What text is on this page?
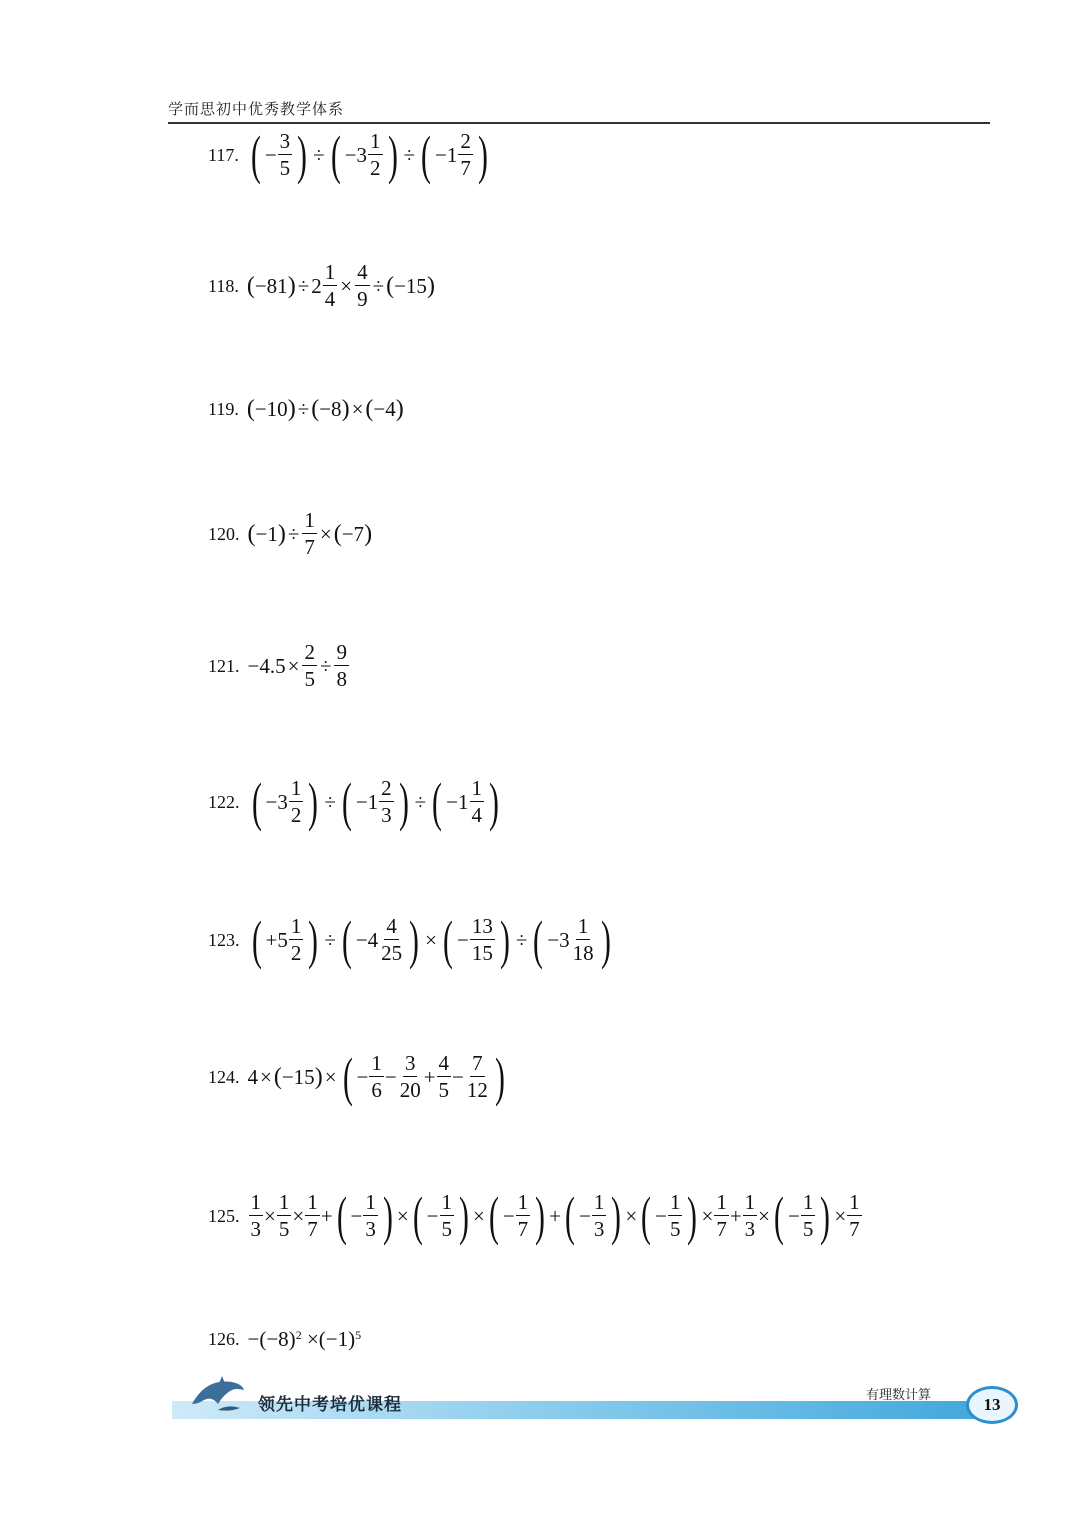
学而思初中优秀教学体系
117. ( − $\frac{3}{5}$ ) ÷ ( $-3 \frac{1}{2}$ ) ÷ ( $-1 \frac{2}{7}$ )
118. ( −81 ) ÷ $2 \frac{1}{4} \times \frac{4}{9}$ ÷ ( −15 )
119. ( −10 ) ÷ ( −8 ) × ( −4 )
120. ( −1 ) ÷ $\frac{1}{7}$ × ( −7 )
121. $-4.5 \times \frac{2}{5} \div \frac{9}{8}$
122. ( $-3 \frac{1}{2}$ ) ÷ ( $-1 \frac{2}{3}$ ) ÷ ( $-1 \frac{1}{4}$ )
123. ( $+5 \frac{1}{2}$ ) ÷ ( $-4 \frac{4}{25}$ ) × ( − $\frac{13}{15}$ ) ÷ ( $-3 \frac{1}{18}$ )
124. 4 × ( −15 ) × ( − $\frac{1}{6} - \frac{3}{20} + \frac{4}{5} - \frac{7}{12}$ )
125. $\frac{1}{3} \times \frac{1}{5} \times \frac{1}{7}$ + ( − $\frac{1}{3}$ ) × ( − $\frac{1}{5}$ ) × ( − $\frac{1}{7}$ ) + ( − $\frac{1}{3}$ ) × ( − $\frac{1}{5}$ ) × $\frac{1}{7} + \frac{1}{3}$ × ( − $\frac{1}{5}$ ) × $\frac{1}{7}$
126. $-(-8)^2 \times(-1)^5$
领先中考培优课程	有理数计算	13
